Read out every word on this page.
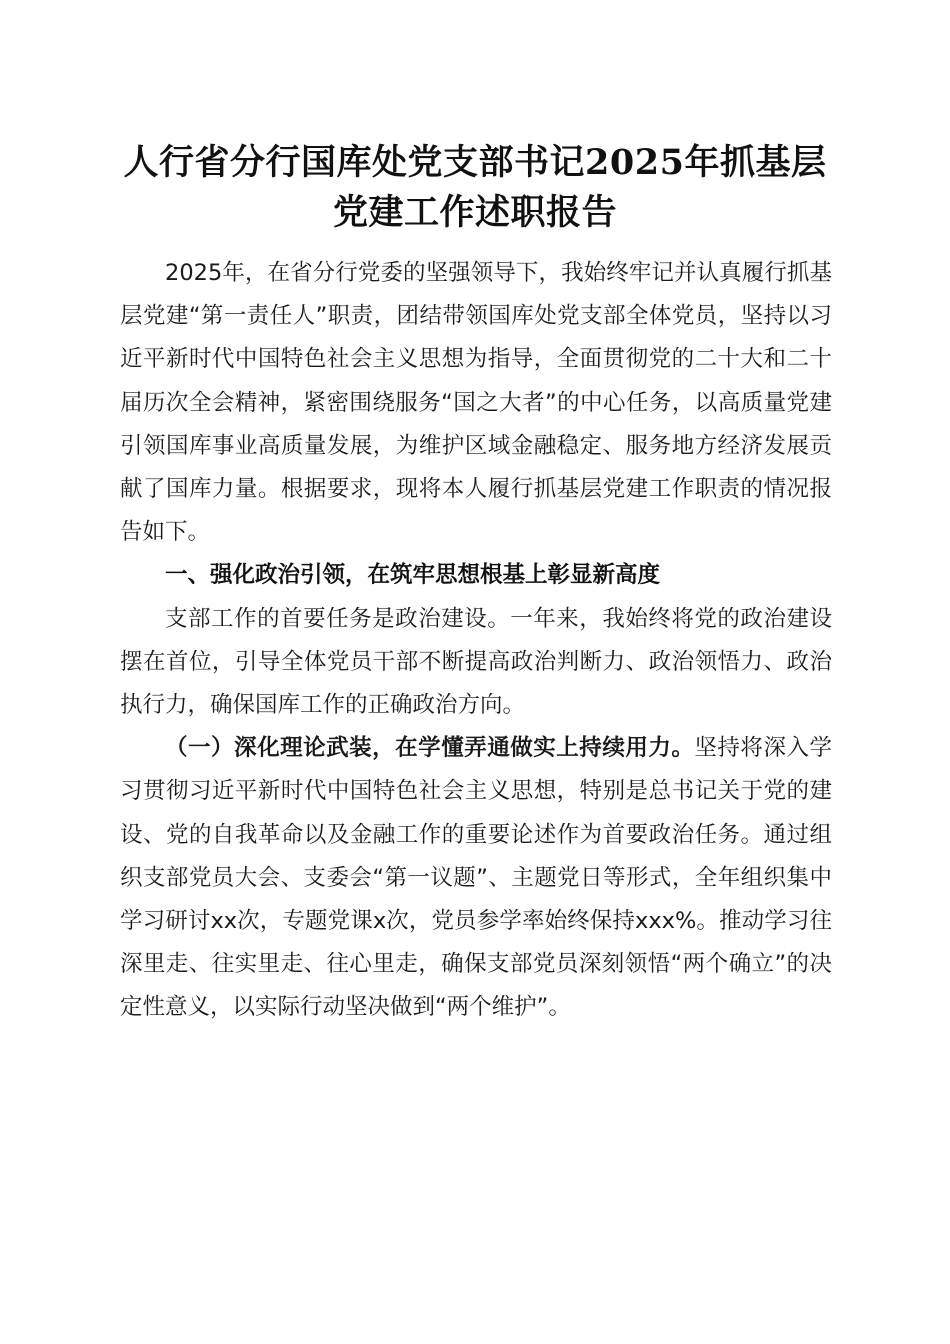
人行省分行国库处党支部书记2025年抓基层
党建工作述职报告

2025年，在省分行党委的坚强领导下，我始终牢记并认真履行抓基层党建“第一责任人”职责，团结带领国库处党支部全体党员，坚持以习近平新时代中国特色社会主义思想为指导，全面贯彻党的二十大和二十届历次全会精神，紧密围绕服务“国之大者”的中心任务，以高质量党建引领国库事业高质量发展，为维护区域金融稳定、服务地方经济发展贡献了国库力量。根据要求，现将本人履行抓基层党建工作职责的情况报告如下。

一、强化政治引领，在筑牢思想根基上彰显新高度

支部工作的首要任务是政治建设。一年来，我始终将党的政治建设摆在首位，引导全体党员干部不断提高政治判断力、政治领悟力、政治执行力，确保国库工作的正确政治方向。

（一）深化理论武装，在学懂弄通做实上持续用力。坚持将深入学习贯彻习近平新时代中国特色社会主义思想，特别是总书记关于党的建设、党的自我革命以及金融工作的重要论述作为首要政治任务。通过组织支部党员大会、支委会“第一议题”、主题党日等形式，全年组织集中学习研讨xx次，专题党课x次，党员参学率始终保持xxx%。推动学习往深里走、往实里走、往心里走，确保支部党员深刻领悟“两个确立”的决定性意义，以实际行动坚决做到“两个维护”。
